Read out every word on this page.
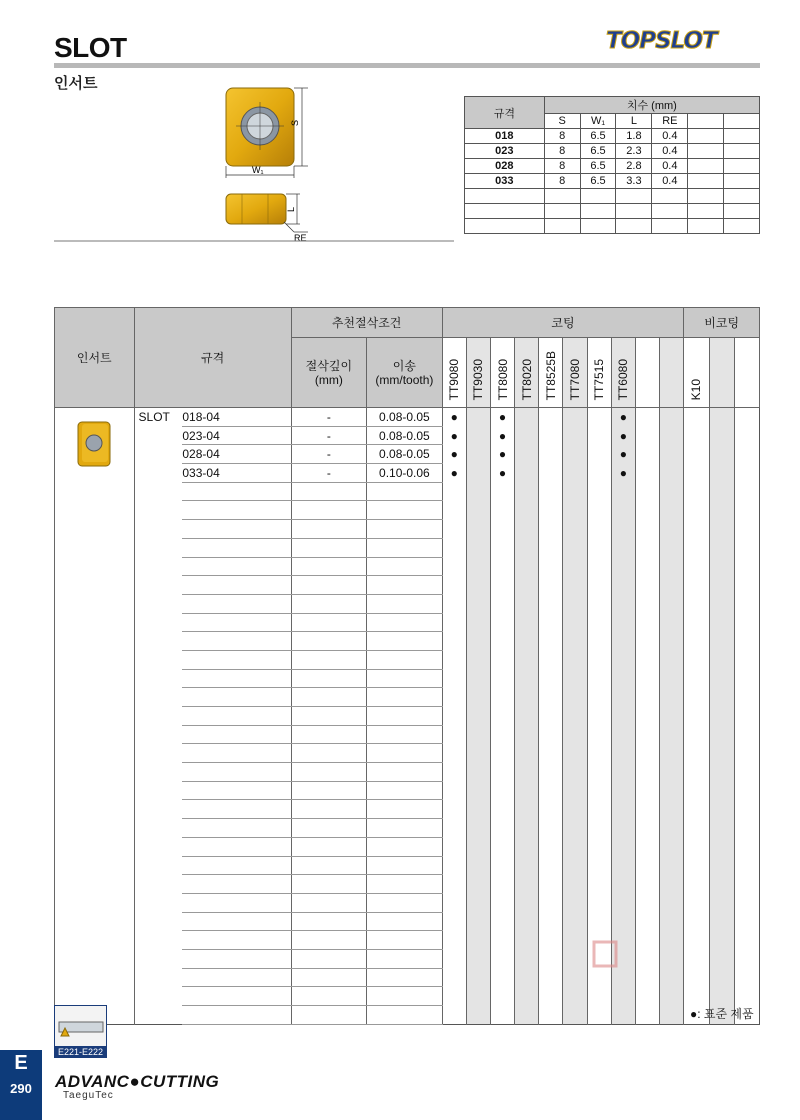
SLOT
인서트
TOPSLOT
S
W₁
L
RE
규격	치수 (mm)					
	S	W₁	L	RE		
018	8	6.5	1.8	0.4		
023	8	6.5	2.3	0.4		
028	8	6.5	2.8	0.4		
033	8	6.5	3.3	0.4		

인서트	규격		추천절삭조건		코팅										비코팅		
			절삭깊이 (mm)	이송 (mm/tooth)	TT9080	TT9030	TT8080	TT8020	TT8525B	TT7080	TT7515	TT6080			K10		

	SLOT	018-04	-	0.08-0.05	●		●					●					
		023-04	-	0.08-0.05	●		●					●					
		028-04	-	0.08-0.05	●		●					●					
		033-04	-	0.10-0.06	●		●					●					

●: 표준 제품
E221-E222
E
290	ADVANC●CUTTING
TaeguTec
